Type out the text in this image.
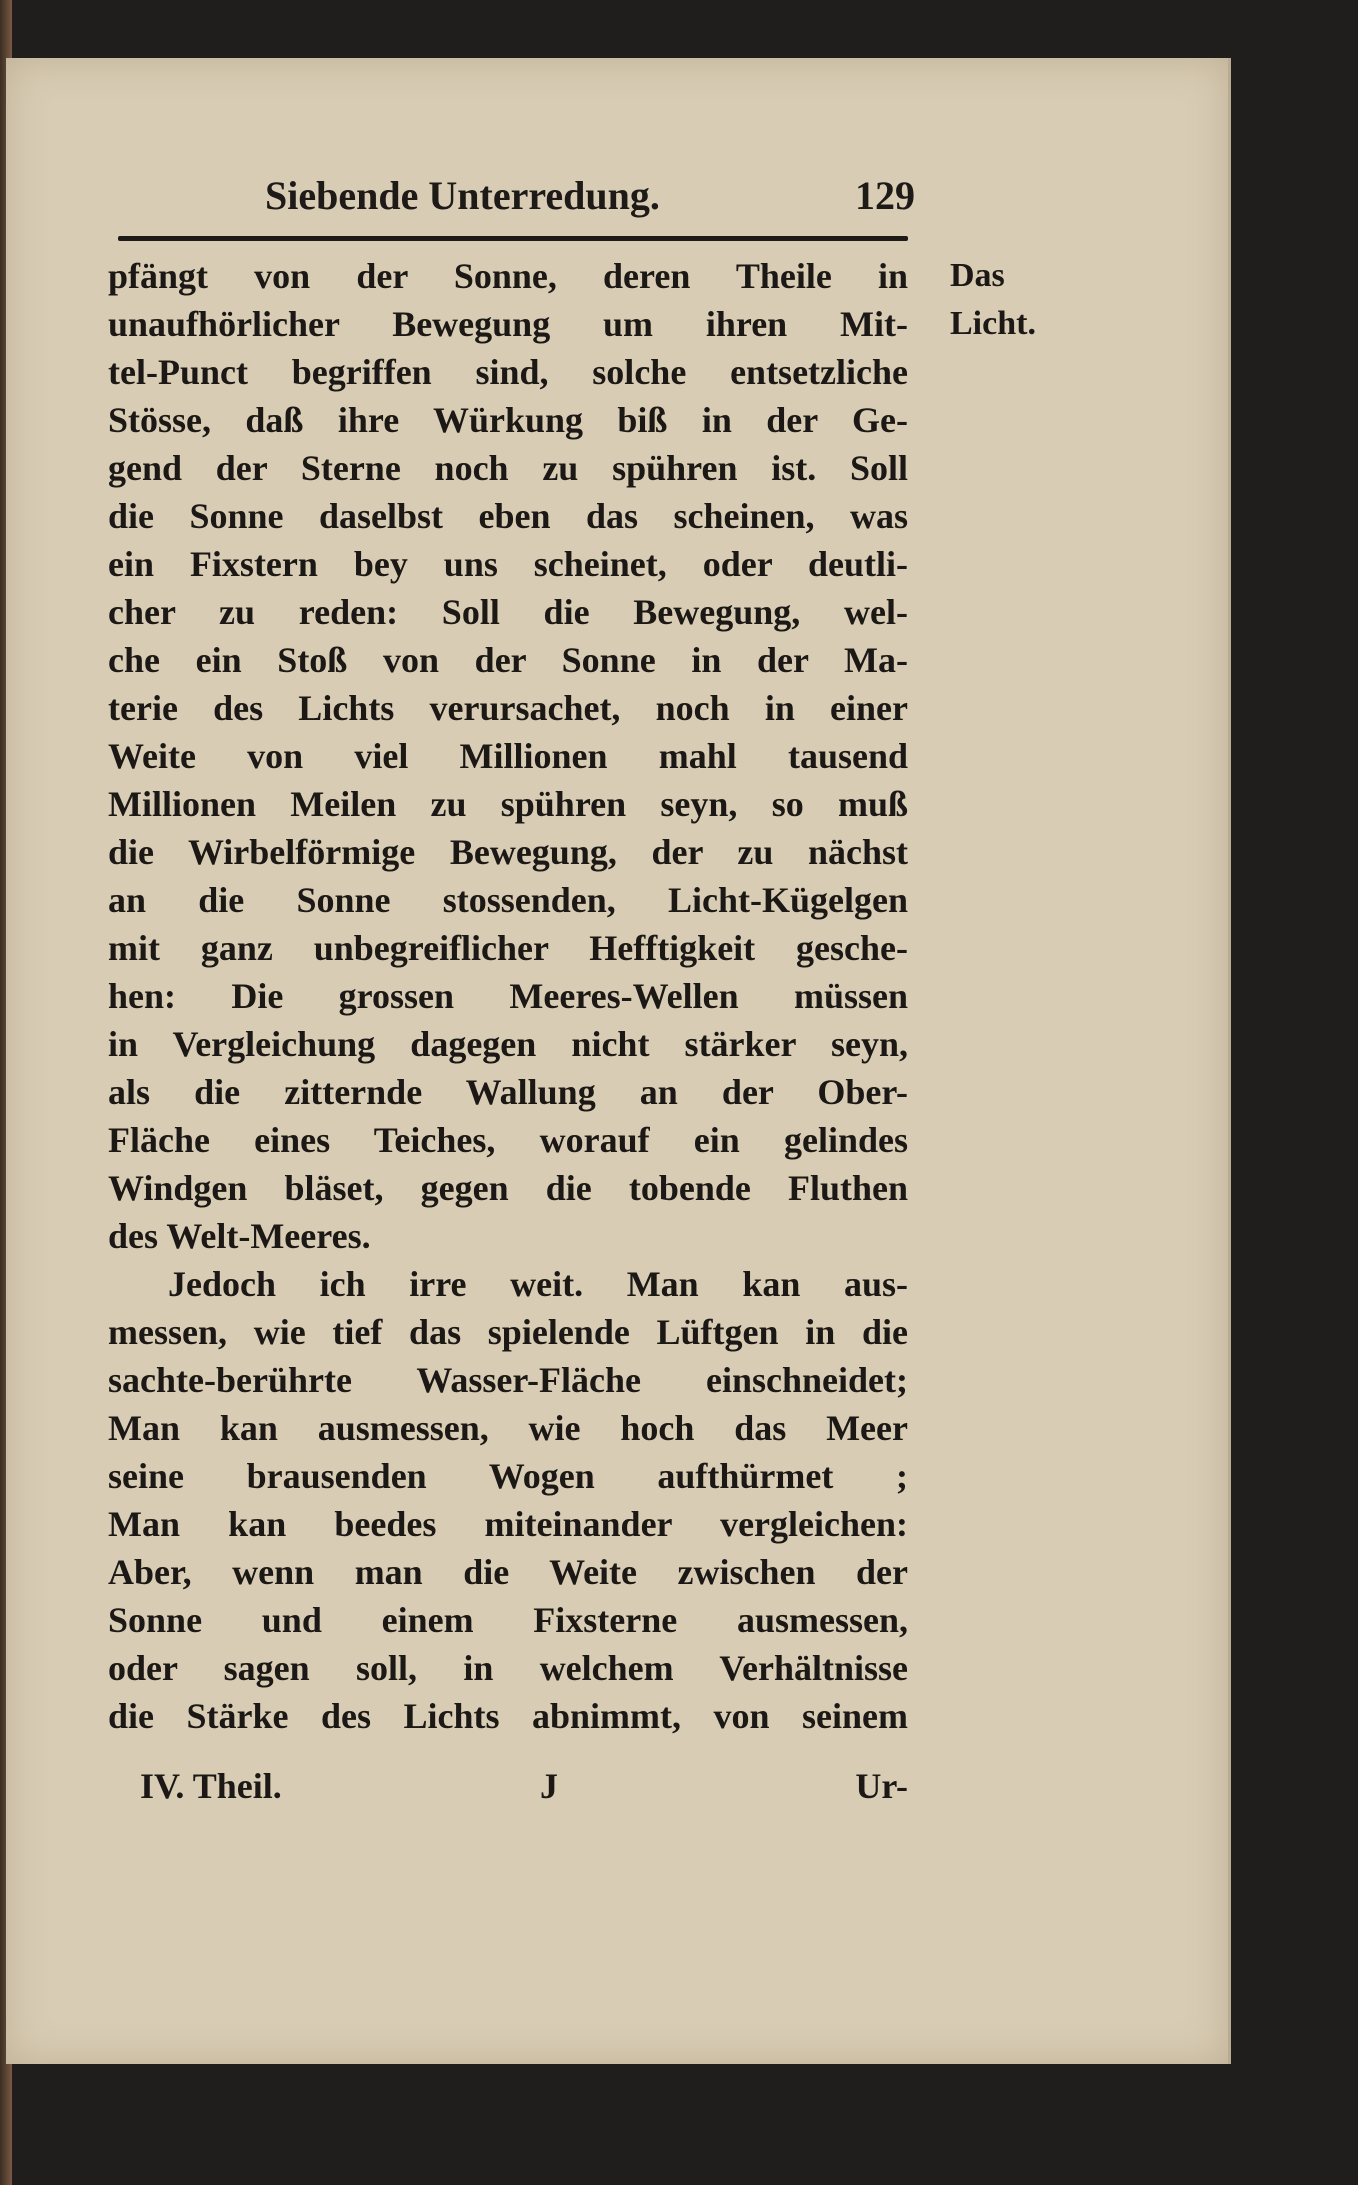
Siebende Unterredung.	129
Das
Licht.
pfängt von der Sonne, deren Theile in
unaufhörlicher Bewegung um ihren Mit-
tel-Punct begriffen sind, solche entsetzliche
Stösse, daß ihre Würkung biß in der Ge-
gend der Sterne noch zu spühren ist. Soll
die Sonne daselbst eben das scheinen, was
ein Fixstern bey uns scheinet, oder deutli-
cher zu reden: Soll die Bewegung, wel-
che ein Stoß von der Sonne in der Ma-
terie des Lichts verursachet, noch in einer
Weite von viel Millionen mahl tausend
Millionen Meilen zu spühren seyn, so muß
die Wirbelförmige Bewegung, der zu nächst
an die Sonne stossenden, Licht-Kügelgen
mit ganz unbegreiflicher Hefftigkeit gesche-
hen: Die grossen Meeres-Wellen müssen
in Vergleichung dagegen nicht stärker seyn,
als die zitternde Wallung an der Ober-
Fläche eines Teiches, worauf ein gelindes
Windgen bläset, gegen die tobende Fluthen
des Welt-Meeres.
Jedoch ich irre weit. Man kan aus-
messen, wie tief das spielende Lüftgen in die
sachte-berührte Wasser-Fläche einschneidet;
Man kan ausmessen, wie hoch das Meer
seine brausenden Wogen aufthürmet ;
Man kan beedes miteinander vergleichen:
Aber, wenn man die Weite zwischen der
Sonne und einem Fixsterne ausmessen,
oder sagen soll, in welchem Verhältnisse
die Stärke des Lichts abnimmt, von seinem
IV. Theil.	J	Ur-
